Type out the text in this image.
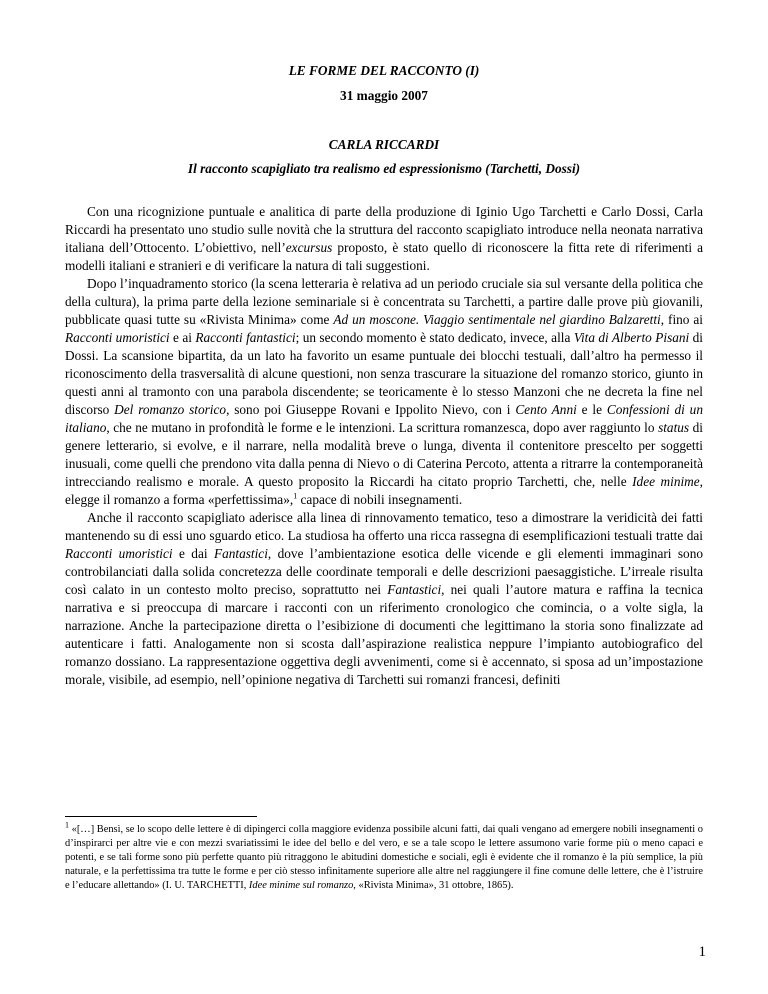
LE FORME DEL RACCONTO (I)
31 maggio 2007
CARLA RICCARDI
Il racconto scapigliato tra realismo ed espressionismo (Tarchetti, Dossi)

Con una ricognizione puntuale e analitica di parte della produzione di Iginio Ugo Tarchetti e Carlo Dossi, Carla Riccardi ha presentato uno studio sulle novità che la struttura del racconto scapigliato introduce nella neonata narrativa italiana dell’Ottocento. L’obiettivo, nell’excursus proposto, è stato quello di riconoscere la fitta rete di riferimenti a modelli italiani e stranieri e di verificare la natura di tali suggestioni.

Dopo l’inquadramento storico (la scena letteraria è relativa ad un periodo cruciale sia sul versante della politica che della cultura), la prima parte della lezione seminariale si è concentrata su Tarchetti, a partire dalle prove più giovanili, pubblicate quasi tutte su «Rivista Minima» come Ad un moscone. Viaggio sentimentale nel giardino Balzaretti, fino ai Racconti umoristici e ai Racconti fantastici; un secondo momento è stato dedicato, invece, alla Vita di Alberto Pisani di Dossi. La scansione bipartita, da un lato ha favorito un esame puntuale dei blocchi testuali, dall’altro ha permesso il riconoscimento della trasversalità di alcune questioni, non senza trascurare la situazione del romanzo storico, giunto in questi anni al tramonto con una parabola discendente; se teoricamente è lo stesso Manzoni che ne decreta la fine nel discorso Del romanzo storico, sono poi Giuseppe Rovani e Ippolito Nievo, con i Cento Anni e le Confessioni di un italiano, che ne mutano in profondità le forme e le intenzioni. La scrittura romanzesca, dopo aver raggiunto lo status di genere letterario, si evolve, e il narrare, nella modalità breve o lunga, diventa il contenitore prescelto per soggetti inusuali, come quelli che prendono vita dalla penna di Nievo o di Caterina Percoto, attenta a ritrarre la contemporaneità intrecciando realismo e morale. A questo proposito la Riccardi ha citato proprio Tarchetti, che, nelle Idee minime, elegge il romanzo a forma «perfettissima»,$^1$ capace di nobili insegnamenti.

Anche il racconto scapigliato aderisce alla linea di rinnovamento tematico, teso a dimostrare la veridicità dei fatti mantenendo su di essi uno sguardo etico. La studiosa ha offerto una ricca rassegna di esemplificazioni testuali tratte dai Racconti umoristici e dai Fantastici, dove l’ambientazione esotica delle vicende e gli elementi immaginari sono controbilanciati dalla solida concretezza delle coordinate temporali e delle descrizioni paesaggistiche. L’irreale risulta così calato in un contesto molto preciso, soprattutto nei Fantastici, nei quali l’autore matura e raffina la tecnica narrativa e si preoccupa di marcare i racconti con un riferimento cronologico che comincia, o a volte sigla, la narrazione. Anche la partecipazione diretta o l’esibizione di documenti che legittimano la storia sono finalizzate ad autenticare i fatti. Analogamente non si scosta dall’aspirazione realistica neppure l’impianto autobiografico del romanzo dossiano. La rappresentazione oggettiva degli avvenimenti, come si è accennato, si sposa ad un’impostazione morale, visibile, ad esempio, nell’opinione negativa di Tarchetti sui romanzi francesi, definiti

$^1$ «[…] Bensì, se lo scopo delle lettere è di dipingerci colla maggiore evidenza possibile alcuni fatti, dai quali vengano ad emergere nobili insegnamenti o d’inspirarci per altre vie e con mezzi svariatissimi le idee del bello e del vero, e se a tale scopo le lettere assumono varie forme più o meno capaci e potenti, e se tali forme sono più perfette quanto più ritraggono le abitudini domestiche e sociali, egli è evidente che il romanzo è la più semplice, la più naturale, e la perfettissima tra tutte le forme e per ciò stesso infinitamente superiore alle altre nel raggiungere il fine comune delle lettere, che è l’istruire e l’educare allettando» (I. U. TARCHETTI, Idee minime sul romanzo, «Rivista Minima», 31 ottobre, 1865).
1
